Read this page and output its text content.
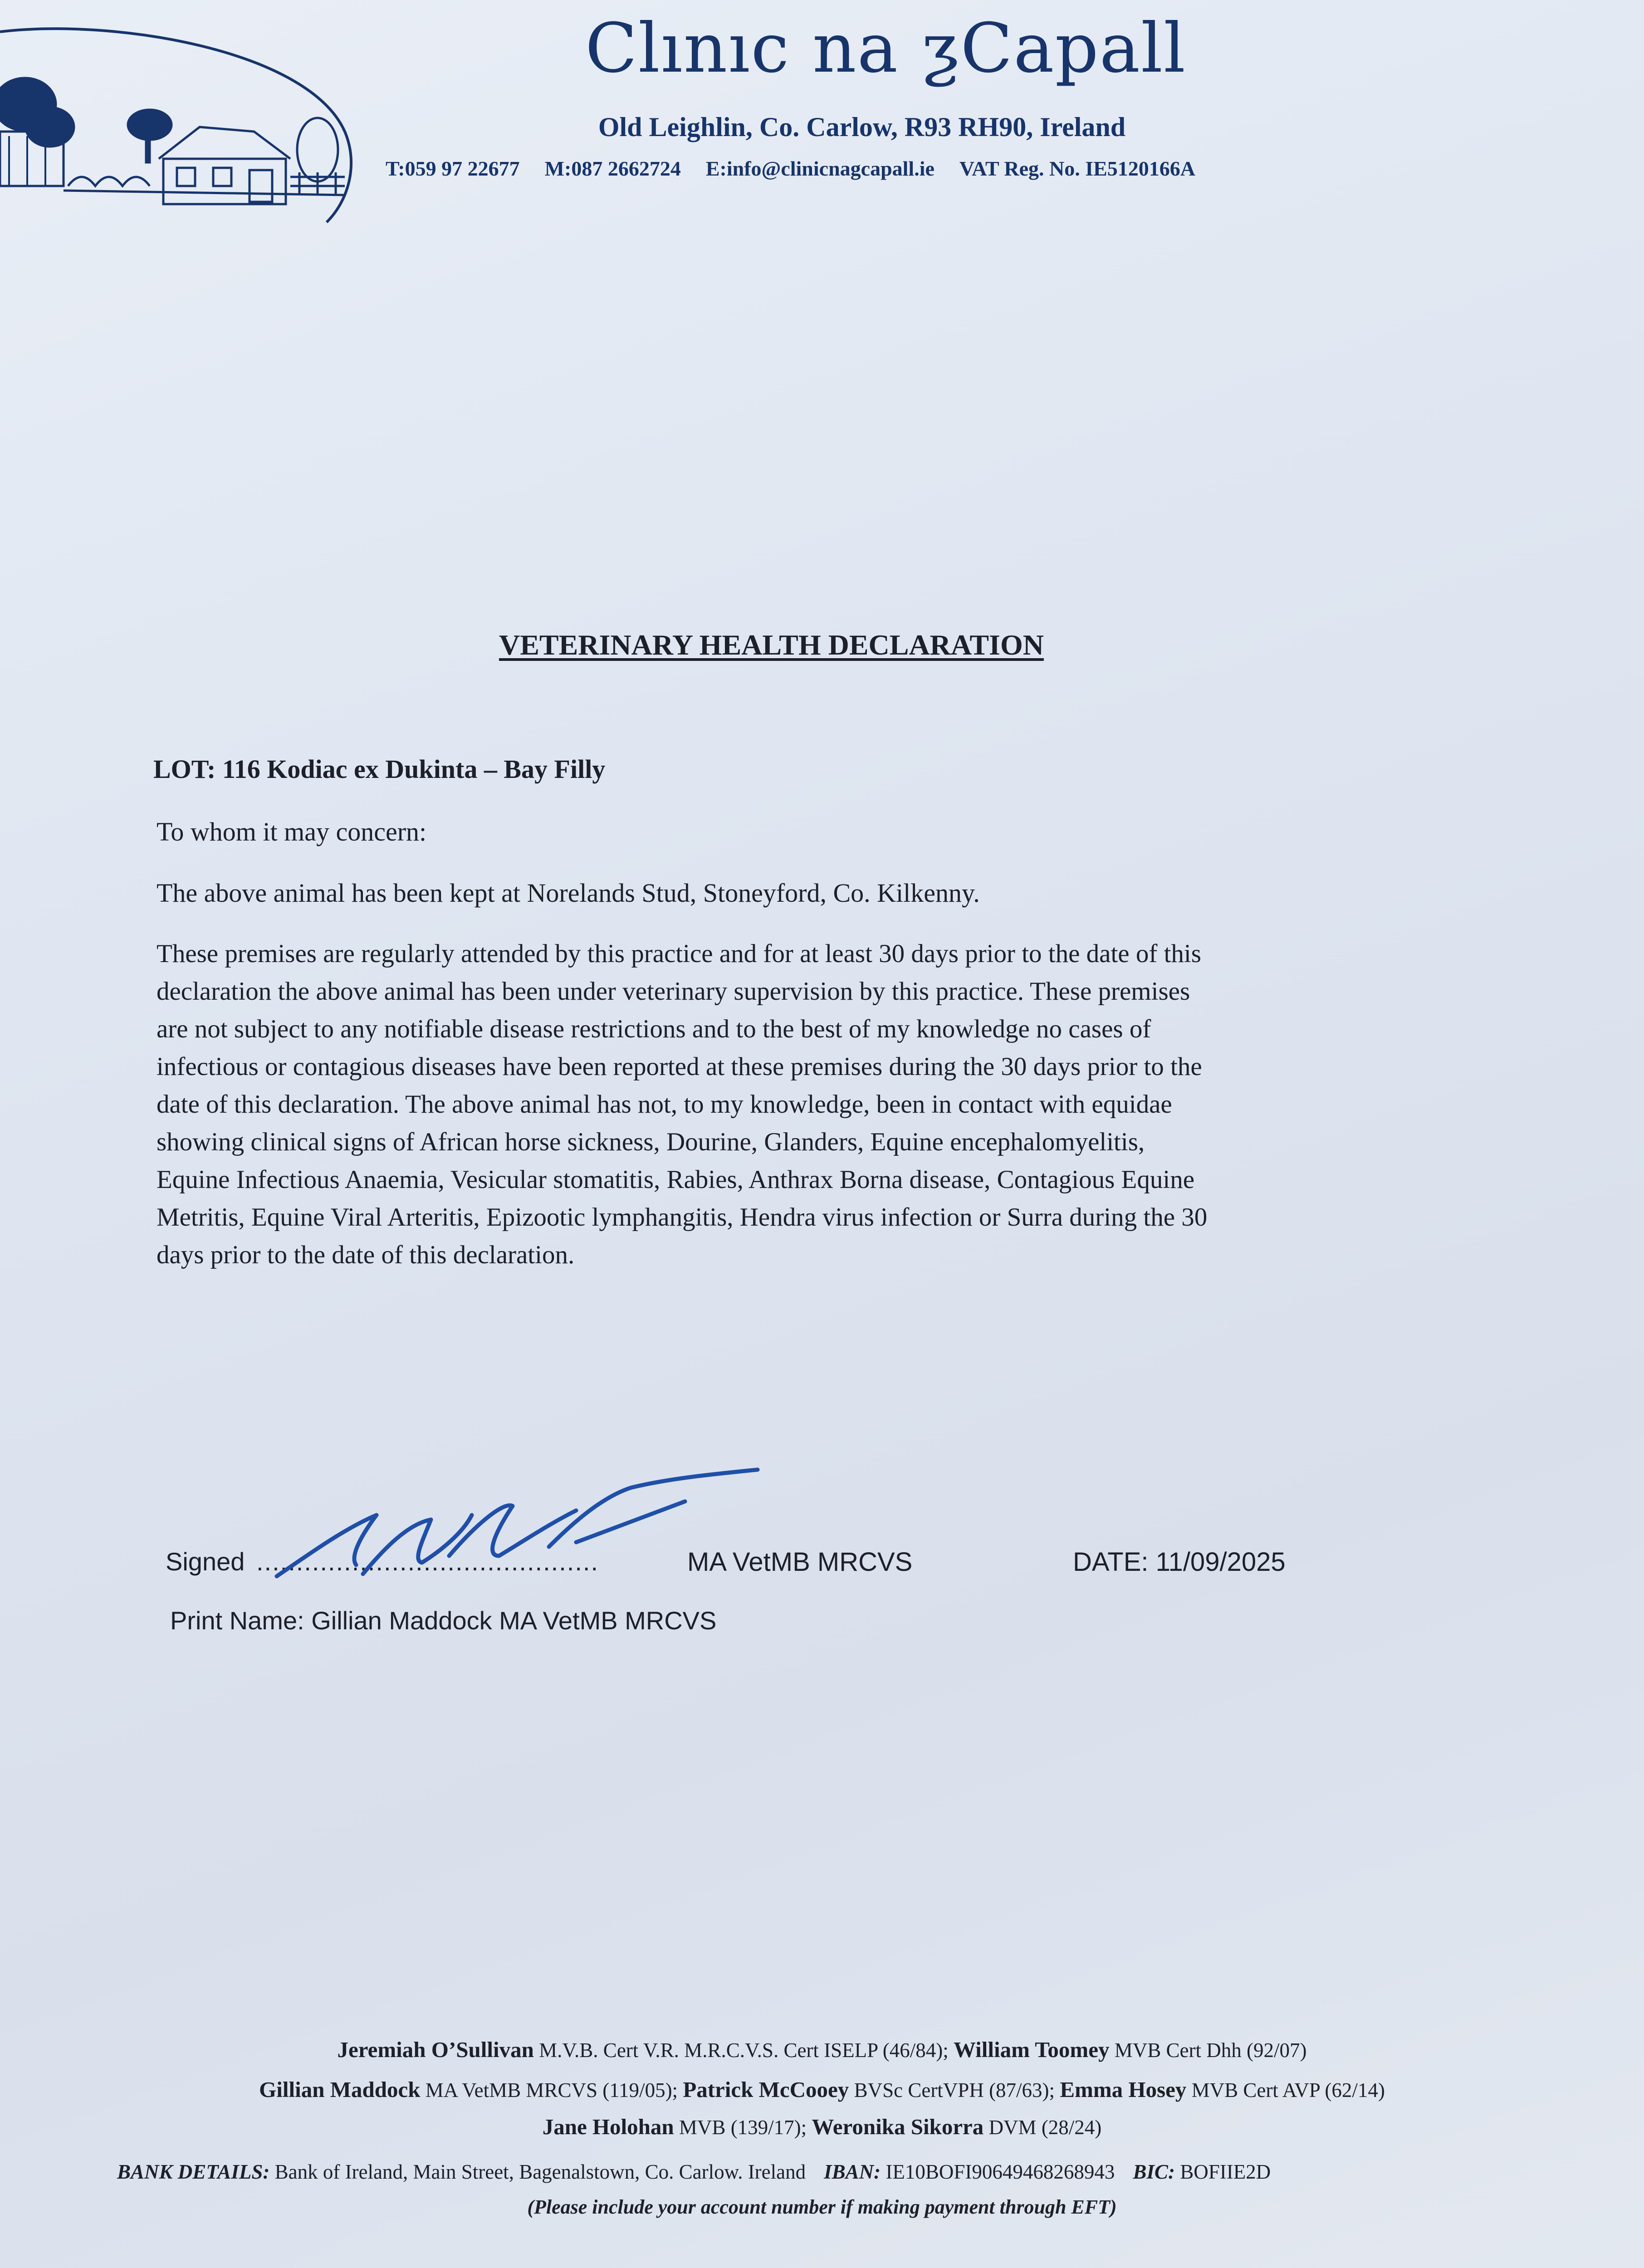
Clınıc na ƺCapall
Old Leighlin, Co. Carlow, R93 RH90, Ireland
T:059 97 22677 M:087 2662724 E:info@clinicnagcapall.ie VAT Reg. No. IE5120166A
VETERINARY HEALTH DECLARATION
LOT: 116 Kodiac ex Dukinta – Bay Filly
To whom it may concern:
The above animal has been kept at Norelands Stud, Stoneyford, Co. Kilkenny.
These premises are regularly attended by this practice and for at least 30 days prior to the date of this
declaration the above animal has been under veterinary supervision by this practice. These premises
are not subject to any notifiable disease restrictions and to the best of my knowledge no cases of
infectious or contagious diseases have been reported at these premises during the 30 days prior to the
date of this declaration. The above animal has not, to my knowledge, been in contact with equidae
showing clinical signs of African horse sickness, Dourine, Glanders, Equine encephalomyelitis,
Equine Infectious Anaemia, Vesicular stomatitis, Rabies, Anthrax Borna disease, Contagious Equine
Metritis, Equine Viral Arteritis, Epizootic lymphangitis, Hendra virus infection or Surra during the 30
days prior to the date of this declaration.
Signed ...........................................	MA VetMB MRCVS	DATE: 11/09/2025
Print Name: Gillian Maddock MA VetMB MRCVS
Jeremiah O’Sullivan M.V.B. Cert V.R. M.R.C.V.S. Cert ISELP (46/84); William Toomey MVB Cert Dhh (92/07)
Gillian Maddock MA VetMB MRCVS (119/05); Patrick McCooey BVSc CertVPH (87/63); Emma Hosey MVB Cert AVP (62/14)
Jane Holohan MVB (139/17); Weronika Sikorra DVM (28/24)
BANK DETAILS: Bank of Ireland, Main Street, Bagenalstown, Co. Carlow. Ireland IBAN: IE10BOFI90649468268943 BIC: BOFIIE2D
(Please include your account number if making payment through EFT)
